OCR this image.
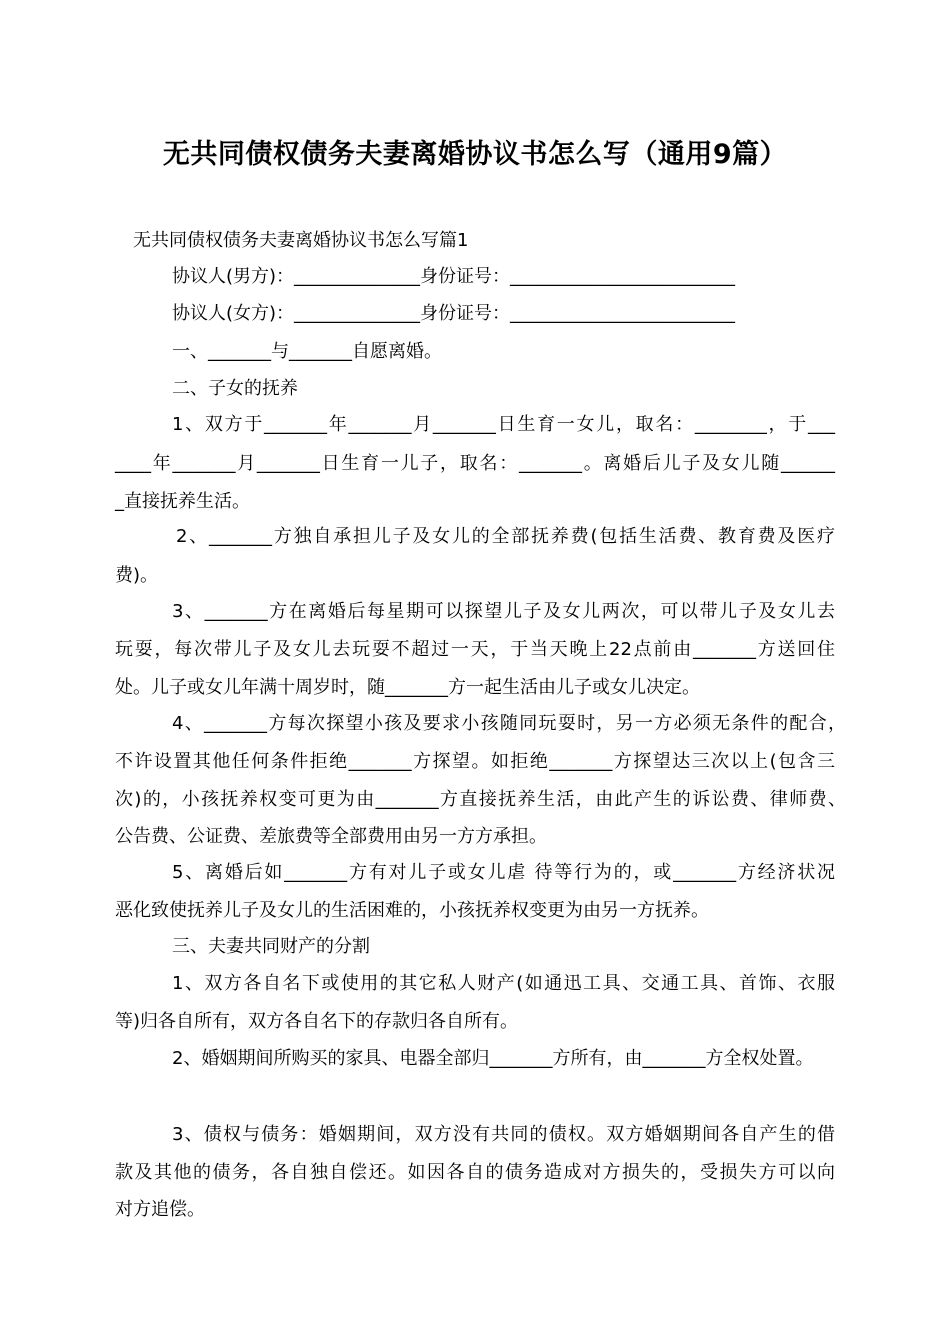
无共同债权债务夫妻离婚协议书怎么写（通用9篇）
无共同债权债务夫妻离婚协议书怎么写篇1
协议人(男方)：______________身份证号：_________________________
协议人(女方)：______________身份证号：_________________________
一、_______与_______自愿离婚。
二、子女的抚养
1、双方于_______年_______月_______日生育一女儿，取名：________，于___
____年_______月_______日生育一儿子，取名：_______。离婚后儿子及女儿随______
_直接抚养生活。
2、_______方独自承担儿子及女儿的全部抚养费(包括生活费、教育费及医疗
费)。
3、_______方在离婚后每星期可以探望儿子及女儿两次，可以带儿子及女儿去
玩耍，每次带儿子及女儿去玩耍不超过一天，于当天晚上22点前由_______方送回住
处。儿子或女儿年满十周岁时，随_______方一起生活由儿子或女儿决定。
4、_______方每次探望小孩及要求小孩随同玩耍时，另一方必须无条件的配合，
不许设置其他任何条件拒绝_______方探望。如拒绝_______方探望达三次以上(包含三
次)的，小孩抚养权变可更为由_______方直接抚养生活，由此产生的诉讼费、律师费、
公告费、公证费、差旅费等全部费用由另一方方承担。
5、离婚后如_______方有对儿子或女儿虐 待等行为的，或_______方经济状况
恶化致使抚养儿子及女儿的生活困难的，小孩抚养权变更为由另一方抚养。
三、夫妻共同财产的分割
1、双方各自名下或使用的其它私人财产(如通迅工具、交通工具、首饰、衣服
等)归各自所有，双方各自名下的存款归各自所有。
2、婚姻期间所购买的家具、电器全部归_______方所有，由_______方全权处置。
3、债权与债务：婚姻期间，双方没有共同的债权。双方婚姻期间各自产生的借
款及其他的债务，各自独自偿还。如因各自的债务造成对方损失的，受损失方可以向
对方追偿。
